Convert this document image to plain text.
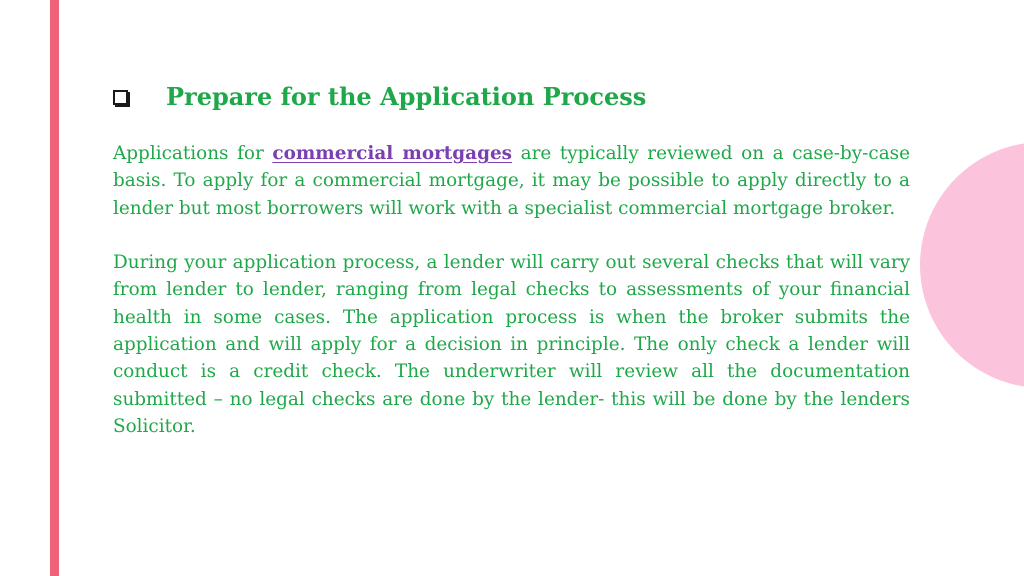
Prepare for the Application Process

Applications for commercial mortgages are typically reviewed on a case-by-case basis. To apply for a commercial mortgage, it may be possible to apply directly to a lender but most borrowers will work with a specialist commercial mortgage broker.

During your application process, a lender will carry out several checks that will vary from lender to lender, ranging from legal checks to assessments of your financial health in some cases. The application process is when the broker submits the application and will apply for a decision in principle. The only check a lender will conduct is a credit check. The underwriter will review all the documentation submitted – no legal checks are done by the lender- this will be done by the lenders Solicitor.
